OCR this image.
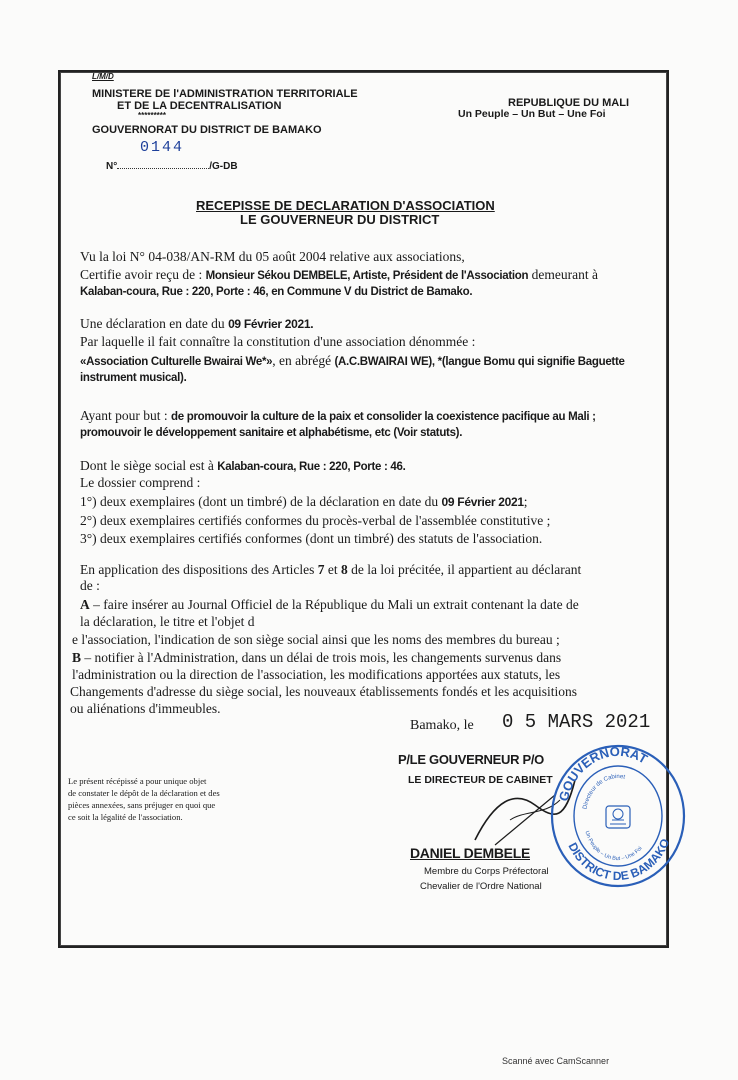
L/M/D
MINISTERE DE l'ADMINISTRATION TERRITORIALE
ET DE LA DECENTRALISATION
*********
GOUVERNORAT DU DISTRICT DE BAMAKO
0144
N°	/G-DB
REPUBLIQUE DU MALI
Un Peuple – Un But – Une Foi
RECEPISSE DE DECLARATION D'ASSOCIATION
LE GOUVERNEUR DU DISTRICT
Vu la loi N° 04-038/AN-RM du 05 août 2004 relative aux associations,
Certifie avoir reçu de : Monsieur Sékou DEMBELE, Artiste, Président de l'Association demeurant à
Kalaban-coura, Rue : 220, Porte : 46, en Commune V du District de Bamako.
Une déclaration en date du 09 Février 2021.
Par laquelle il fait connaître la constitution d'une association dénommée :
«Association Culturelle Bwairai We*», en abrégé (A.C.BWAIRAI WE), *(langue Bomu qui signifie Baguette
instrument musical).
Ayant pour but : de promouvoir la culture de la paix et consolider la coexistence pacifique au Mali ;
promouvoir le développement sanitaire et alphabétisme, etc (Voir statuts).
Dont le siège social est à Kalaban-coura, Rue : 220, Porte : 46.
Le dossier comprend :
1°) deux exemplaires (dont un timbré) de la déclaration en date du 09 Février 2021;
2°) deux exemplaires certifiés conformes du procès-verbal de l'assemblée constitutive ;
3°) deux exemplaires certifiés conformes (dont un timbré) des statuts de l'association.
En application des dispositions des Articles 7 et 8 de la loi précitée, il appartient au déclarant
de :
A – faire insérer au Journal Officiel de la République du Mali un extrait contenant la date de
la déclaration, le titre et l'objet d
e l'association, l'indication de son siège social ainsi que les noms des membres du bureau ;
B – notifier à l'Administration, dans un délai de trois mois, les changements survenus dans
l'administration ou la direction de l'association, les modifications apportées aux statuts, les
Changements d'adresse du siège social, les nouveaux établissements fondés et les acquisitions
ou aliénations d'immeubles.
Bamako, le 0 5 MARS 2021
P/LE GOUVERNEUR P/O
LE DIRECTEUR DE CABINET
DANIEL DEMBELE
Membre du Corps Préfectoral
Chevalier de l'Ordre National
GOUVERNORAT
DISTRICT DE BAMAKO
Directeur de Cabinet
Un Peuple – Un But – Une Foi
Le présent récépissé a pour unique objet
de constater le dépôt de la déclaration et des
pièces annexées, sans préjuger en quoi que
ce soit la légalité de l'association.
Scanné avec CamScanner
